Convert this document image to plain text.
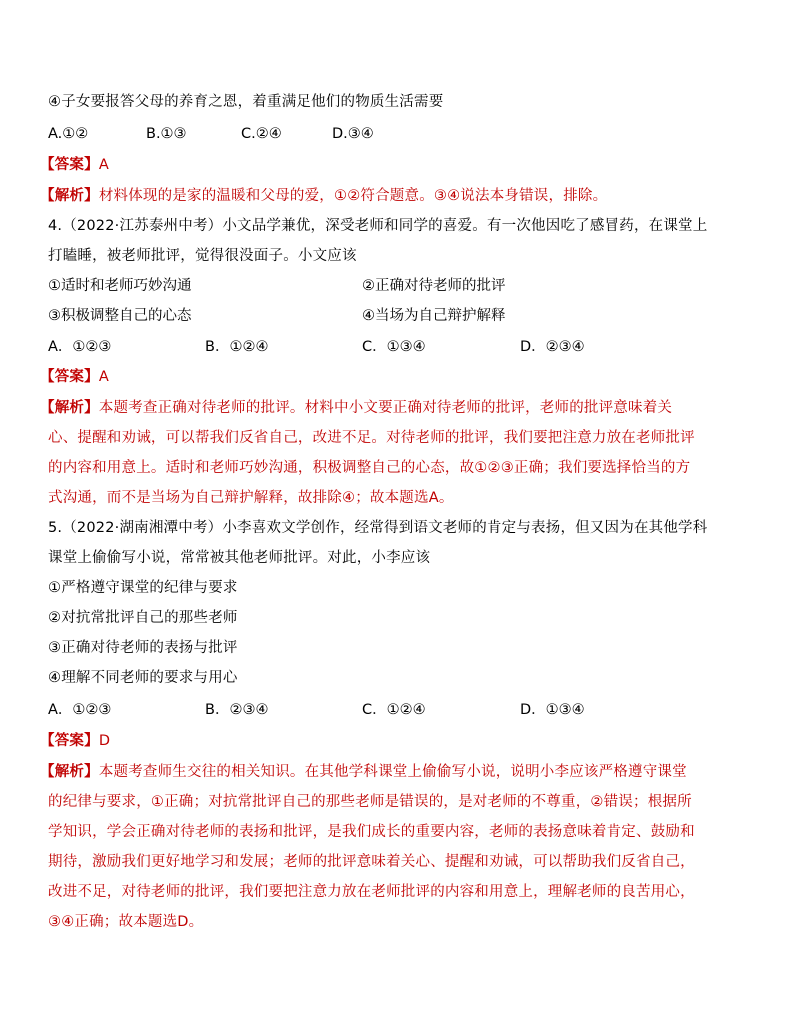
④子女要报答父母的养育之恩，着重满足他们的物质生活需要
A.①②	B.①③	C.②④	D.③④
【答案】A
【解析】材料体现的是家的温暖和父母的爱，①②符合题意。③④说法本身错误，排除。
4.（2022·江苏泰州中考）小文品学兼优，深受老师和同学的喜爱。有一次他因吃了感冒药，在课堂上
打瞌睡，被老师批评，觉得很没面子。小文应该
①适时和老师巧妙沟通	②正确对待老师的批评
③积极调整自己的心态	④当场为自己辩护解释
A．①②③	B．①②④	C．①③④	D．②③④
【答案】A
【解析】本题考查正确对待老师的批评。材料中小文要正确对待老师的批评，老师的批评意味着关
心、提醒和劝诫，可以帮我们反省自己，改进不足。对待老师的批评，我们要把注意力放在老师批评
的内容和用意上。适时和老师巧妙沟通，积极调整自己的心态，故①②③正确；我们要选择恰当的方
式沟通，而不是当场为自己辩护解释，故排除④；故本题选A。
5.（2022·湖南湘潭中考）小李喜欢文学创作，经常得到语文老师的肯定与表扬，但又因为在其他学科
课堂上偷偷写小说，常常被其他老师批评。对此，小李应该
①严格遵守课堂的纪律与要求
②对抗常批评自己的那些老师
③正确对待老师的表扬与批评
④理解不同老师的要求与用心
A．①②③	B．②③④	C．①②④	D．①③④
【答案】D
【解析】本题考查师生交往的相关知识。在其他学科课堂上偷偷写小说，说明小李应该严格遵守课堂
的纪律与要求，①正确；对抗常批评自己的那些老师是错误的，是对老师的不尊重，②错误；根据所
学知识，学会正确对待老师的表扬和批评，是我们成长的重要内容，老师的表扬意味着肯定、鼓励和
期待，激励我们更好地学习和发展；老师的批评意味着关心、提醒和劝诫，可以帮助我们反省自己，
改进不足，对待老师的批评，我们要把注意力放在老师批评的内容和用意上，理解老师的良苦用心，
③④正确；故本题选D。
